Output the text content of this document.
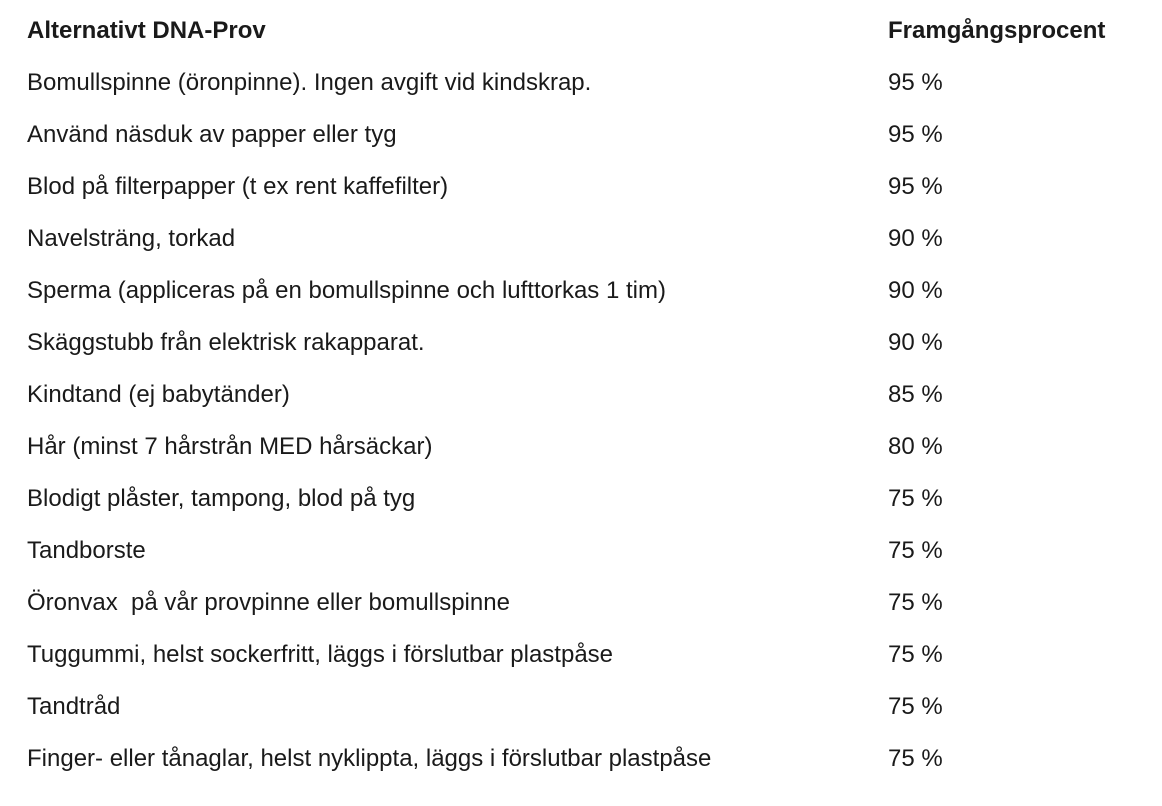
Alternativt DNA-Prov	Framgångsprocent
Bomullspinne (öronpinne). Ingen avgift vid kindskrap.	95 %
Använd näsduk av papper eller tyg	95 %
Blod på filterpapper (t ex rent kaffefilter)	95 %
Navelsträng, torkad	90 %
Sperma (appliceras på en bomullspinne och lufttorkas 1 tim)	90 %
Skäggstubb från elektrisk rakapparat.	90 %
Kindtand (ej babytänder)	85 %
Hår (minst 7 hårstrån MED hårsäckar)	80 %
Blodigt plåster, tampong, blod på tyg	75 %
Tandborste	75 %
Öronvax  på vår provpinne eller bomullspinne	75 %
Tuggummi, helst sockerfritt, läggs i förslutbar plastpåse	75 %
Tandtråd	75 %
Finger- eller tånaglar, helst nyklippta, läggs i förslutbar plastpåse	75 %
